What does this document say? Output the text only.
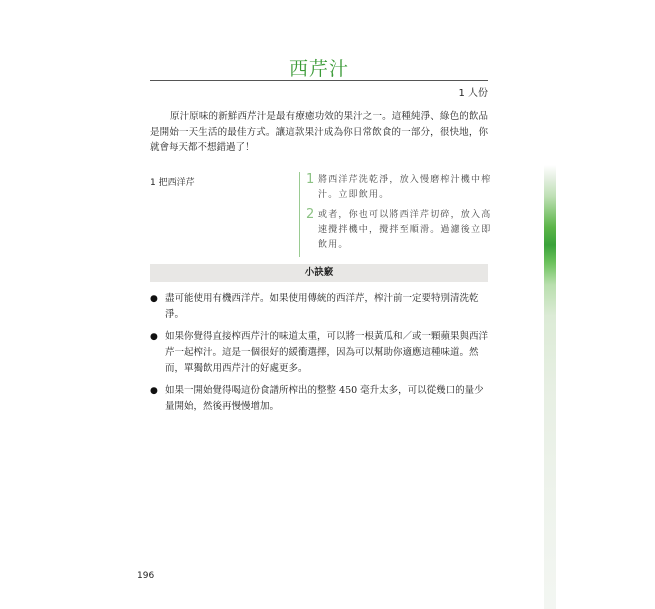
西芹汁
1 人份

原汁原味的新鮮西芹汁是最有療癒功效的果汁之一。這種純淨、綠色的飲品是開始一天生活的最佳方式。讓這款果汁成為你日常飲食的一部分，很快地，你就會每天都不想錯過了！

1 把西洋芹	1 將西洋芹洗乾淨，放入慢磨榨汁機中榨汁。立即飲用。
2 或者，你也可以將西洋芹切碎，放入高速攪拌機中，攪拌至順滑。過濾後立即飲用。
小訣竅
● 盡可能使用有機西洋芹。如果使用傳統的西洋芹，榨汁前一定要特別清洗乾淨。
● 如果你覺得直接榨西芹汁的味道太重，可以將一根黃瓜和／或一顆蘋果與西洋芹一起榨汁。這是一個很好的緩衝選擇，因為可以幫助你適應這種味道。然而，單獨飲用西芹汁的好處更多。
● 如果一開始覺得喝這份食譜所榨出的整整 450 毫升太多，可以從幾口的量少量開始，然後再慢慢增加。
196
